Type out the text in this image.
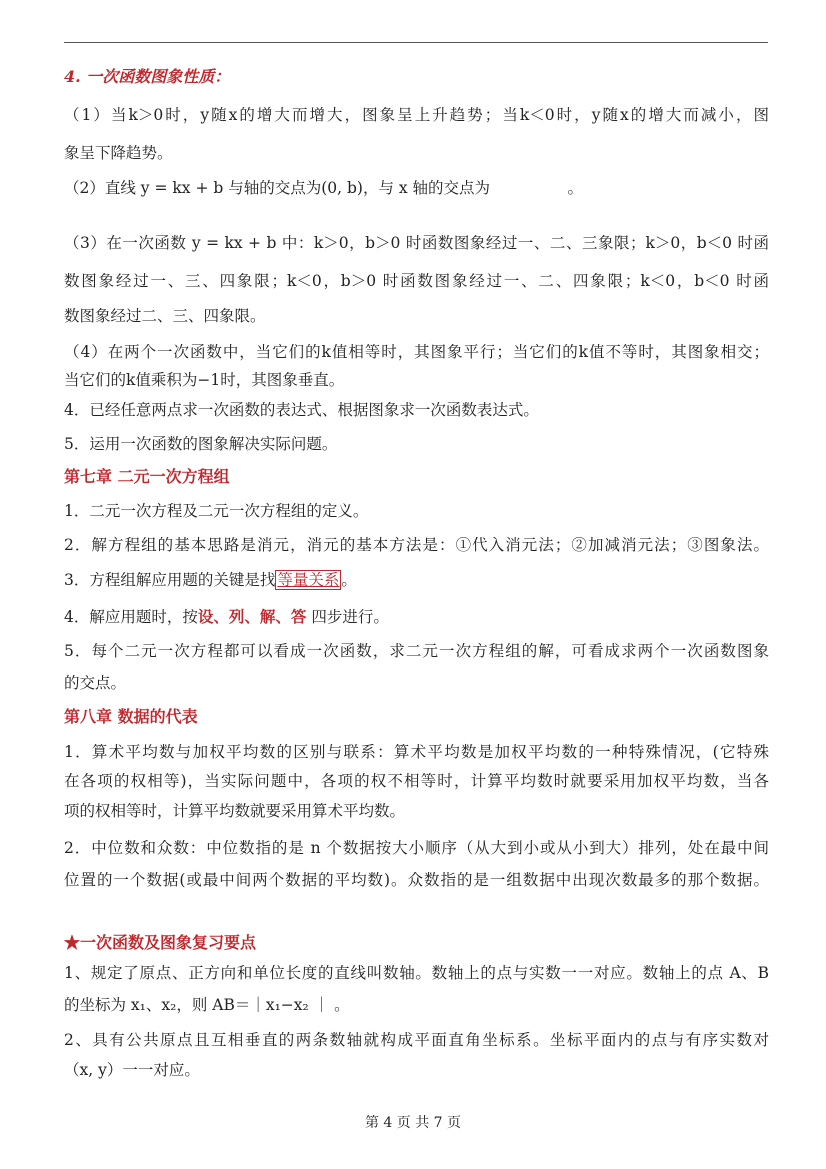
4. 一次函数图象性质：
（1）当k＞0时，y随x的增大而增大，图象呈上升趋势；当k＜0时，y随x的增大而减小，图
象呈下降趋势。
（2）直线 y = kx + b 与轴的交点为(0, b)，与 x 轴的交点为　　　　　。
（3）在一次函数 y = kx + b 中：k＞0，b＞0 时函数图象经过一、二、三象限；k＞0，b＜0 时函
数图象经过一、三、四象限；k＜0，b＞0 时函数图象经过一、二、四象限；k＜0，b＜0 时函
数图象经过二、三、四象限。
（4）在两个一次函数中，当它们的k值相等时，其图象平行；当它们的k值不等时，其图象相交；
当它们的k值乘积为−1时，其图象垂直。
4．已经任意两点求一次函数的表达式、根据图象求一次函数表达式。
5．运用一次函数的图象解决实际问题。
第七章 二元一次方程组
1．二元一次方程及二元一次方程组的定义。
2．解方程组的基本思路是消元，消元的基本方法是：①代入消元法；②加减消元法；③图象法。
3．方程组解应用题的关键是找 等量关系 。
4．解应用题时，按设、列、解、答 四步进行。
5．每个二元一次方程都可以看成一次函数，求二元一次方程组的解，可看成求两个一次函数图象
的交点。
第八章 数据的代表
1．算术平均数与加权平均数的区别与联系：算术平均数是加权平均数的一种特殊情况，(它特殊
在各项的权相等)，当实际问题中，各项的权不相等时，计算平均数时就要采用加权平均数，当各
项的权相等时，计算平均数就要采用算术平均数。
2．中位数和众数：中位数指的是 n 个数据按大小顺序（从大到小或从小到大）排列，处在最中间
位置的一个数据(或最中间两个数据的平均数)。众数指的是一组数据中出现次数最多的那个数据。
★一次函数及图象复习要点
1、规定了原点、正方向和单位长度的直线叫数轴。数轴上的点与实数一一对应。数轴上的点 A、B
的坐标为 x₁、x₂，则 AB＝｜x₁−x₂ ｜ 。
2、具有公共原点且互相垂直的两条数轴就构成平面直角坐标系。坐标平面内的点与有序实数对
（x, y）一一对应。
第 4 页 共 7 页
